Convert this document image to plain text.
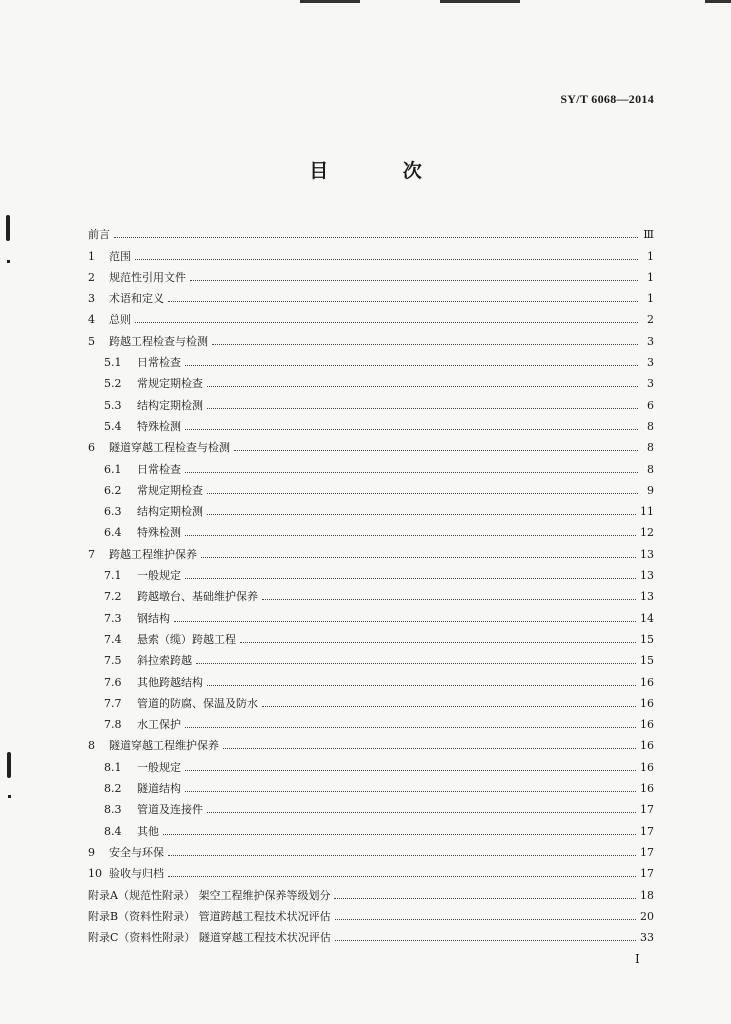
SY/T 6068—2014
目 次
前言	Ⅲ
1	范围	1
2	规范性引用文件	1
3	术语和定义	1
4	总则	2
5	跨越工程检查与检测	3
5.1	日常检查	3
5.2	常规定期检查	3
5.3	结构定期检测	6
5.4	特殊检测	8
6	隧道穿越工程检查与检测	8
6.1	日常检查	8
6.2	常规定期检查	9
6.3	结构定期检测	11
6.4	特殊检测	12
7	跨越工程维护保养	13
7.1	一般规定	13
7.2	跨越墩台、基础维护保养	13
7.3	钢结构	14
7.4	悬索（缆）跨越工程	15
7.5	斜拉索跨越	15
7.6	其他跨越结构	16
7.7	管道的防腐、保温及防水	16
7.8	水工保护	16
8	隧道穿越工程维护保养	16
8.1	一般规定	16
8.2	隧道结构	16
8.3	管道及连接件	17
8.4	其他	17
9	安全与环保	17
10 验收与归档	17
附录A（规范性附录） 架空工程维护保养等级划分	18
附录B（资料性附录） 管道跨越工程技术状况评估	20
附录C（资料性附录） 隧道穿越工程技术状况评估	33
I
